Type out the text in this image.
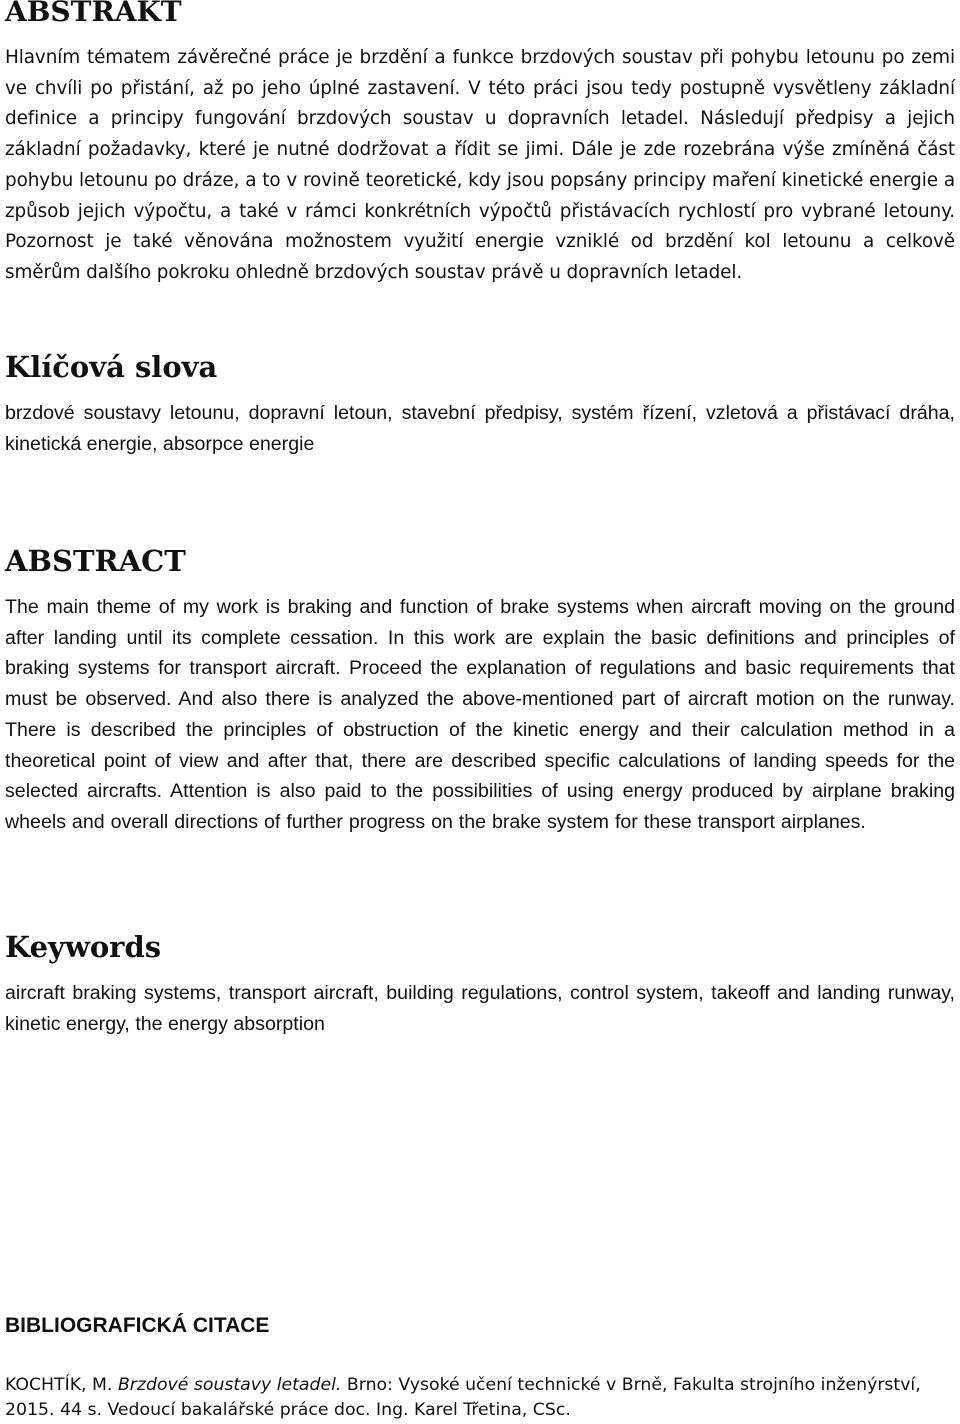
ABSTRAKT

Hlavním tématem závěrečné práce je brzdění a funkce brzdových soustav při pohybu letounu po zemi ve chvíli po přistání, až po jeho úplné zastavení. V této práci jsou tedy postupně vysvětleny základní definice a principy fungování brzdových soustav u dopravních letadel. Následují předpisy a jejich základní požadavky, které je nutné dodržovat a řídit se jimi. Dále je zde rozebrána výše zmíněná část pohybu letounu po dráze, a to v rovině teoretické, kdy jsou popsány principy maření kinetické energie a způsob jejich výpočtu, a také v rámci konkrétních výpočtů přistávacích rychlostí pro vybrané letouny. Pozornost je také věnována možnostem využití energie vzniklé od brzdění kol letounu a celkově směrům dalšího pokroku ohledně brzdových soustav právě u dopravních letadel.

Klíčová slova

brzdové soustavy letounu, dopravní letoun, stavební předpisy, systém řízení, vzletová a přistávací dráha, kinetická energie, absorpce energie

ABSTRACT

The main theme of my work is braking and function of brake systems when aircraft moving on the ground after landing until its complete cessation. In this work are explain the basic definitions and principles of braking systems for transport aircraft. Proceed the explanation of regulations and basic requirements that must be observed. And also there is analyzed the above-mentioned part of aircraft motion on the runway. There is described the principles of obstruction of the kinetic energy and their calculation method in a theoretical point of view and after that, there are described specific calculations of landing speeds for the selected aircrafts. Attention is also paid to the possibilities of using energy produced by airplane braking wheels and overall directions of further progress on the brake system for these transport airplanes.

Keywords

aircraft braking systems, transport aircraft, building regulations, control system, takeoff and landing runway, kinetic energy, the energy absorption

BIBLIOGRAFICKÁ CITACE

KOCHTÍK, M. Brzdové soustavy letadel. Brno: Vysoké učení technické v Brně, Fakulta strojního inženýrství, 2015. 44 s. Vedoucí bakalářské práce doc. Ing. Karel Třetina, CSc.
